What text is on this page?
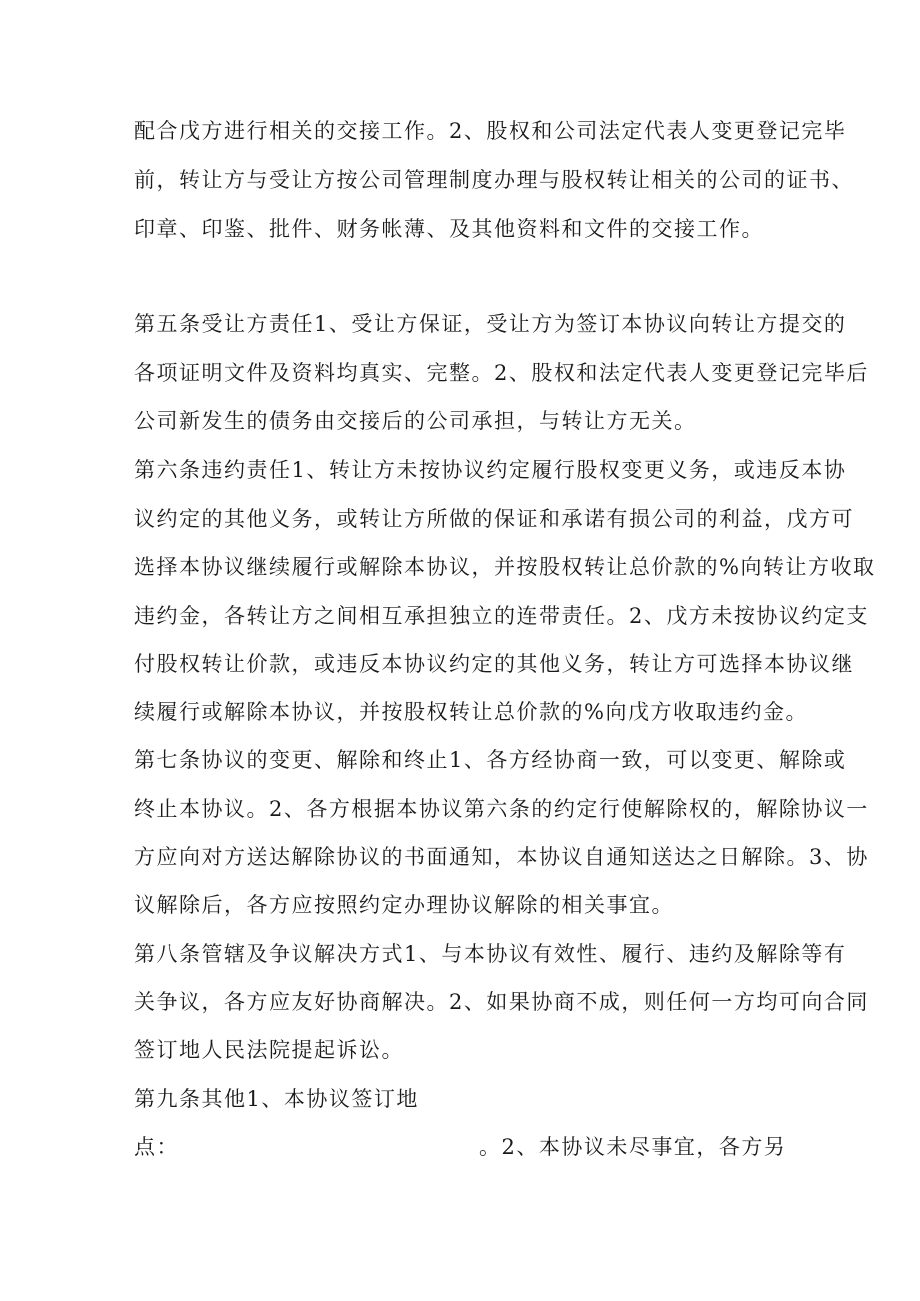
配合戊方进行相关的交接工作。2、股权和公司法定代表人变更登记完毕
前，转让方与受让方按公司管理制度办理与股权转让相关的公司的证书、
印章、印鉴、批件、财务帐薄、及其他资料和文件的交接工作。
第五条受让方责任1、受让方保证，受让方为签订本协议向转让方提交的
各项证明文件及资料均真实、完整。2、股权和法定代表人变更登记完毕后
公司新发生的债务由交接后的公司承担，与转让方无关。
第六条违约责任1、转让方未按协议约定履行股权变更义务，或违反本协
议约定的其他义务，或转让方所做的保证和承诺有损公司的利益，戊方可
选择本协议继续履行或解除本协议，并按股权转让总价款的%向转让方收取
违约金，各转让方之间相互承担独立的连带责任。2、戊方未按协议约定支
付股权转让价款，或违反本协议约定的其他义务，转让方可选择本协议继
续履行或解除本协议，并按股权转让总价款的%向戊方收取违约金。
第七条协议的变更、解除和终止1、各方经协商一致，可以变更、解除或
终止本协议。2、各方根据本协议第六条的约定行使解除权的，解除协议一
方应向对方送达解除协议的书面通知，本协议自通知送达之日解除。3、协
议解除后，各方应按照约定办理协议解除的相关事宜。
第八条管辖及争议解决方式1、与本协议有效性、履行、违约及解除等有
关争议，各方应友好协商解决。2、如果协商不成，则任何一方均可向合同
签订地人民法院提起诉讼。
第九条其他1、本协议签订地
点：	。2、本协议未尽事宜，各方另
